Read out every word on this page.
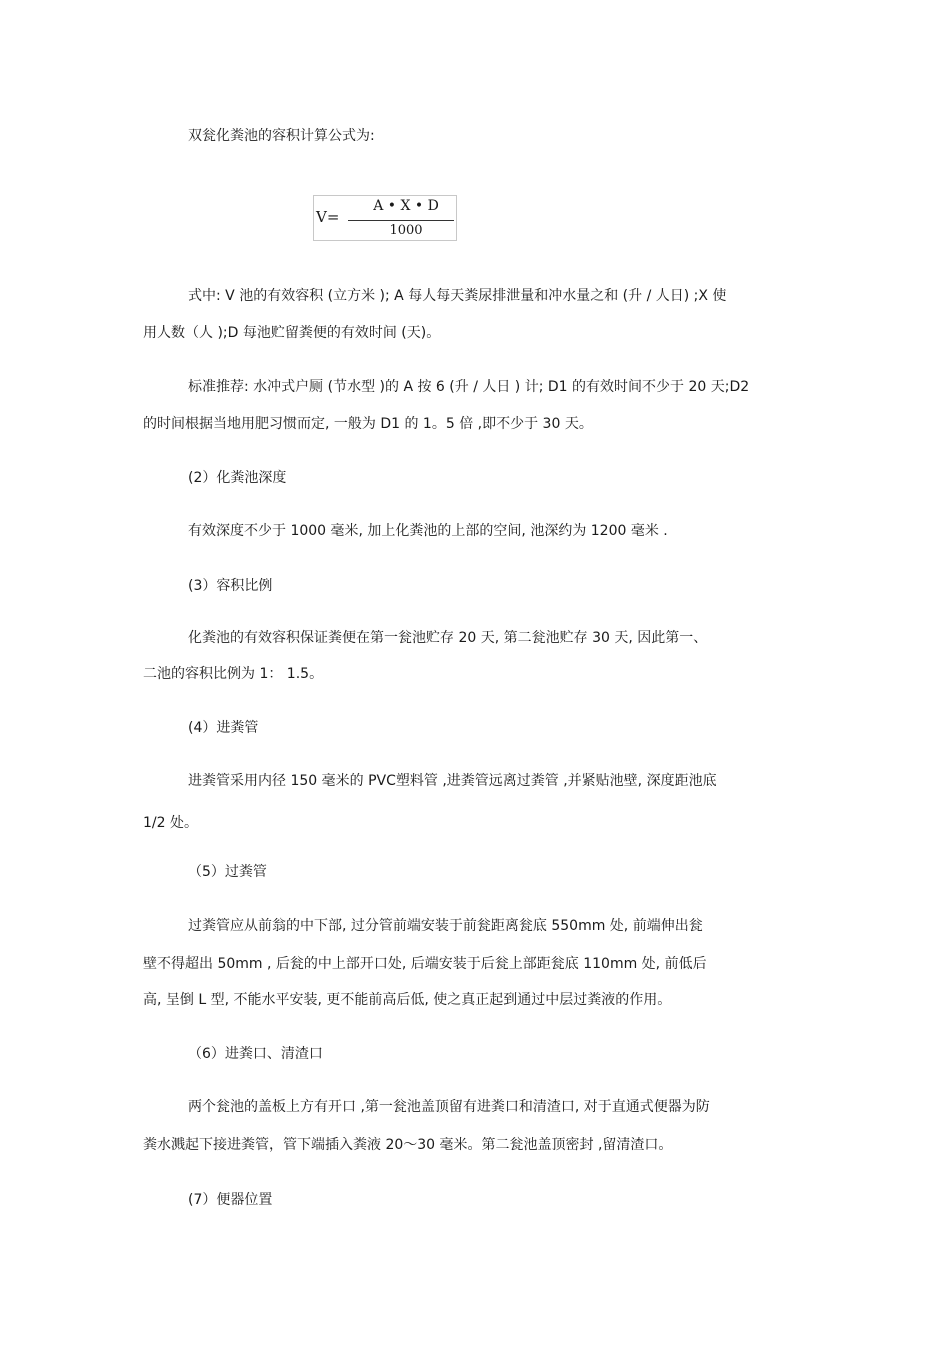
双瓮化粪池的容积计算公式为:
V=
A • X • D
1000
式中: V 池的有效容积 (立方米 ); A 每人每天粪尿排泄量和冲水量之和 (升 / 人日) ;X 使
用人数（人 );D 每池贮留粪便的有效时间 (天)。
标准推荐: 水冲式户厕 (节水型 )的 A 按 6 (升 / 人日 ) 计; D1 的有效时间不少于 20 天;D2
的时间根据当地用肥习惯而定, 一般为 D1 的 1。5 倍 ,即不少于 30 天。
(2）化粪池深度
有效深度不少于 1000 毫米, 加上化粪池的上部的空间, 池深约为 1200 毫米 .
(3）容积比例
化粪池的有效容积保证粪便在第一瓮池贮存 20 天, 第二瓮池贮存 30 天, 因此第一、
二池的容积比例为 1： 1.5。
(4）进粪管
进粪管采用内径 150 毫米的 PVC塑料管 ,进粪管远离过粪管 ,并紧贴池壁, 深度距池底
1/2 处。
（5）过粪管
过粪管应从前翁的中下部, 过分管前端安装于前瓮距离瓮底 550mm 处, 前端伸出瓮
壁不得超出 50mm , 后瓮的中上部开口处, 后端安装于后瓮上部距瓮底 110mm 处, 前低后
高, 呈倒 L 型, 不能水平安装, 更不能前高后低, 使之真正起到通过中层过粪液的作用。
（6）进粪口、清渣口
两个瓮池的盖板上方有开口 ,第一瓮池盖顶留有进粪口和清渣口, 对于直通式便器为防
粪水溅起下接进粪管，管下端插入粪液 20～30 毫米。第二瓮池盖顶密封 ,留清渣口。
(7）便器位置
